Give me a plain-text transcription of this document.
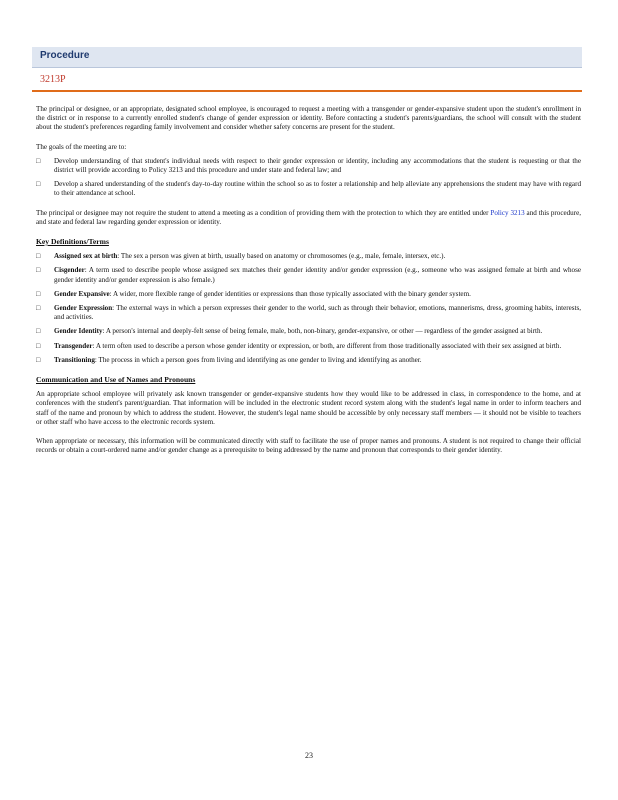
Procedure
3213P

The principal or designee, or an appropriate, designated school employee, is encouraged to request a meeting with a transgender or gender-expansive student upon the student's enrollment in the district or in response to a currently enrolled student's change of gender expression or identity. Before contacting a student's parents/guardians, the school will consult with the student about the student's preferences regarding family involvement and consider whether safety concerns are present for the student.

The goals of the meeting are to:

□ Develop understanding of that student's individual needs with respect to their gender expression or identity, including any accommodations that the student is requesting or that the district will provide according to Policy 3213 and this procedure and under state and federal law; and
□ Develop a shared understanding of the student's day-to-day routine within the school so as to foster a relationship and help alleviate any apprehensions the student may have with regard to their attendance at school.

The principal or designee may not require the student to attend a meeting as a condition of providing them with the protection to which they are entitled under Policy 3213 and this procedure, and state and federal law regarding gender expression or identity.

Key Definitions/Terms
□ Assigned sex at birth: The sex a person was given at birth, usually based on anatomy or chromosomes (e.g., male, female, intersex, etc.).
□ Cisgender: A term used to describe people whose assigned sex matches their gender identity and/or gender expression (e.g., someone who was assigned female at birth and whose gender identity and/or gender expression is also female.)
□ Gender Expansive: A wider, more flexible range of gender identities or expressions than those typically associated with the binary gender system.
□ Gender Expression: The external ways in which a person expresses their gender to the world, such as through their behavior, emotions, mannerisms, dress, grooming habits, interests, and activities.
□ Gender Identity: A person's internal and deeply-felt sense of being female, male, both, non-binary, gender-expansive, or other — regardless of the gender assigned at birth.
□ Transgender: A term often used to describe a person whose gender identity or expression, or both, are different from those traditionally associated with their sex assigned at birth.
□ Transitioning: The process in which a person goes from living and identifying as one gender to living and identifying as another.
Communication and Use of Names and Pronouns

An appropriate school employee will privately ask known transgender or gender-expansive students how they would like to be addressed in class, in correspondence to the home, and at conferences with the student's parent/guardian. That information will be included in the electronic student record system along with the student's legal name in order to inform teachers and staff of the name and pronoun by which to address the student. However, the student's legal name should be accessible by only necessary staff members — it should not be visible to teachers or other staff who have access to the electronic records system.

When appropriate or necessary, this information will be communicated directly with staff to facilitate the use of proper names and pronouns. A student is not required to change their official records or obtain a court-ordered name and/or gender change as a prerequisite to being addressed by the name and pronoun that corresponds to their gender identity.

23
